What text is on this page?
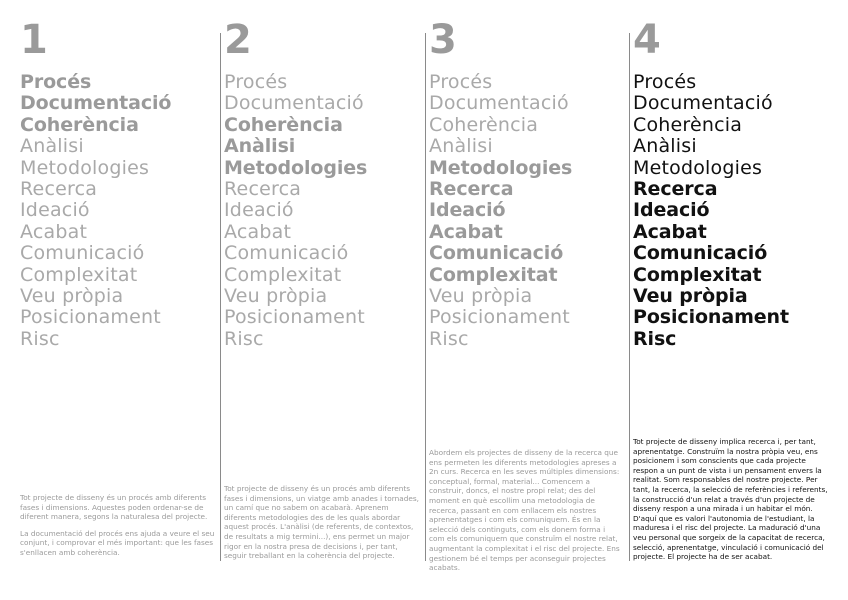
1
Procés
Documentació
Coherència
Anàlisi
Metodologies
Recerca
Ideació
Acabat
Comunicació
Complexitat
Veu pròpia
Posicionament
Risc

Tot projecte de disseny és un procés amb diferents fases i dimensions. Aquestes poden ordenar-se de diferent manera, segons la naturalesa del projecte.

La documentació del procés ens ajuda a veure el seu conjunt, i comprovar el més important: que les fases s'enllacen amb coherència.

2
Procés
Documentació
Coherència
Anàlisi
Metodologies
Recerca
Ideació
Acabat
Comunicació
Complexitat
Veu pròpia
Posicionament
Risc

Tot projecte de disseny és un procés amb diferents fases i dimensions, un viatge amb anades i tornades, un camí que no sabem on acabarà. Aprenem diferents metodologies des de les quals abordar aquest procés. L'anàlisi (de referents, de contextos, de resultats a mig termini...), ens permet un major rigor en la nostra presa de decisions i, per tant, seguir treballant en la coherència del projecte.

3
Procés
Documentació
Coherència
Anàlisi
Metodologies
Recerca
Ideació
Acabat
Comunicació
Complexitat
Veu pròpia
Posicionament
Risc

Abordem els projectes de disseny de la recerca que ens permeten les diferents metodologies apreses a 2n curs. Recerca en les seves múltiples dimensions: conceptual, formal, material... Comencem a construir, doncs, el nostre propi relat; des del moment en què escollim una metodologia de recerca, passant en com enllacem els nostres aprenentatges i com els comuniquem. És en la selecció dels continguts, com els donem forma i com els comuniquem que construïm el nostre relat, augmentant la complexitat i el risc del projecte. Ens gestionem bé el temps per aconseguir projectes acabats.

4
Procés
Documentació
Coherència
Anàlisi
Metodologies
Recerca
Ideació
Acabat
Comunicació
Complexitat
Veu pròpia
Posicionament
Risc

Tot projecte de disseny implica recerca i, per tant, aprenentatge. Construïm la nostra pròpia veu, ens posicionem i som conscients que cada projecte respon a un punt de vista i un pensament envers la realitat. Som responsables del nostre projecte. Per tant, la recerca, la selecció de referències i referents, la construcció d'un relat a través d'un projecte de disseny respon a una mirada i un habitar el món. D'aquí que es valori l'autonomia de l'estudiant, la maduresa i el risc del projecte. La maduració d'una veu personal que sorgeix de la capacitat de recerca, selecció, aprenentatge, vinculació i comunicació del projecte. El projecte ha de ser acabat.
